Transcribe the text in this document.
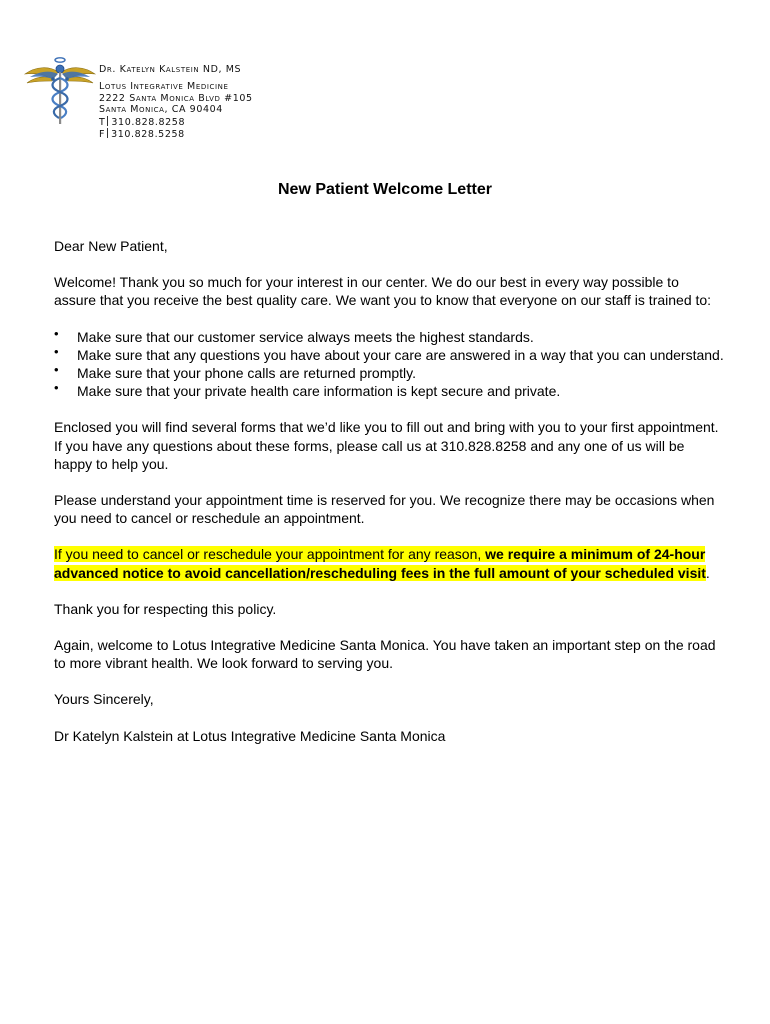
Dr. Katelyn Kalstein ND, MS
Lotus Integrative Medicine
2222 Santa Monica Blvd #105
Santa Monica, CA 90404
T 310.828.8258
F 310.828.5258
New Patient Welcome Letter

Dear New Patient,

Welcome! Thank you so much for your interest in our center. We do our best in every way possible to assure that you receive the best quality care. We want you to know that everyone on our staff is trained to:

• Make sure that our customer service always meets the highest standards.
• Make sure that any questions you have about your care are answered in a way that you can understand.
• Make sure that your phone calls are returned promptly.
• Make sure that your private health care information is kept secure and private.

Enclosed you will find several forms that we’d like you to fill out and bring with you to your first appointment. If you have any questions about these forms, please call us at 310.828.8258 and any one of us will be happy to help you.

Please understand your appointment time is reserved for you. We recognize there may be occasions when you need to cancel or reschedule an appointment.

If you need to cancel or reschedule your appointment for any reason, we require a minimum of 24-hour advanced notice to avoid cancellation/rescheduling fees in the full amount of your scheduled visit.

Thank you for respecting this policy.

Again, welcome to Lotus Integrative Medicine Santa Monica. You have taken an important step on the road to more vibrant health. We look forward to serving you.

Yours Sincerely,

Dr Katelyn Kalstein at Lotus Integrative Medicine Santa Monica
